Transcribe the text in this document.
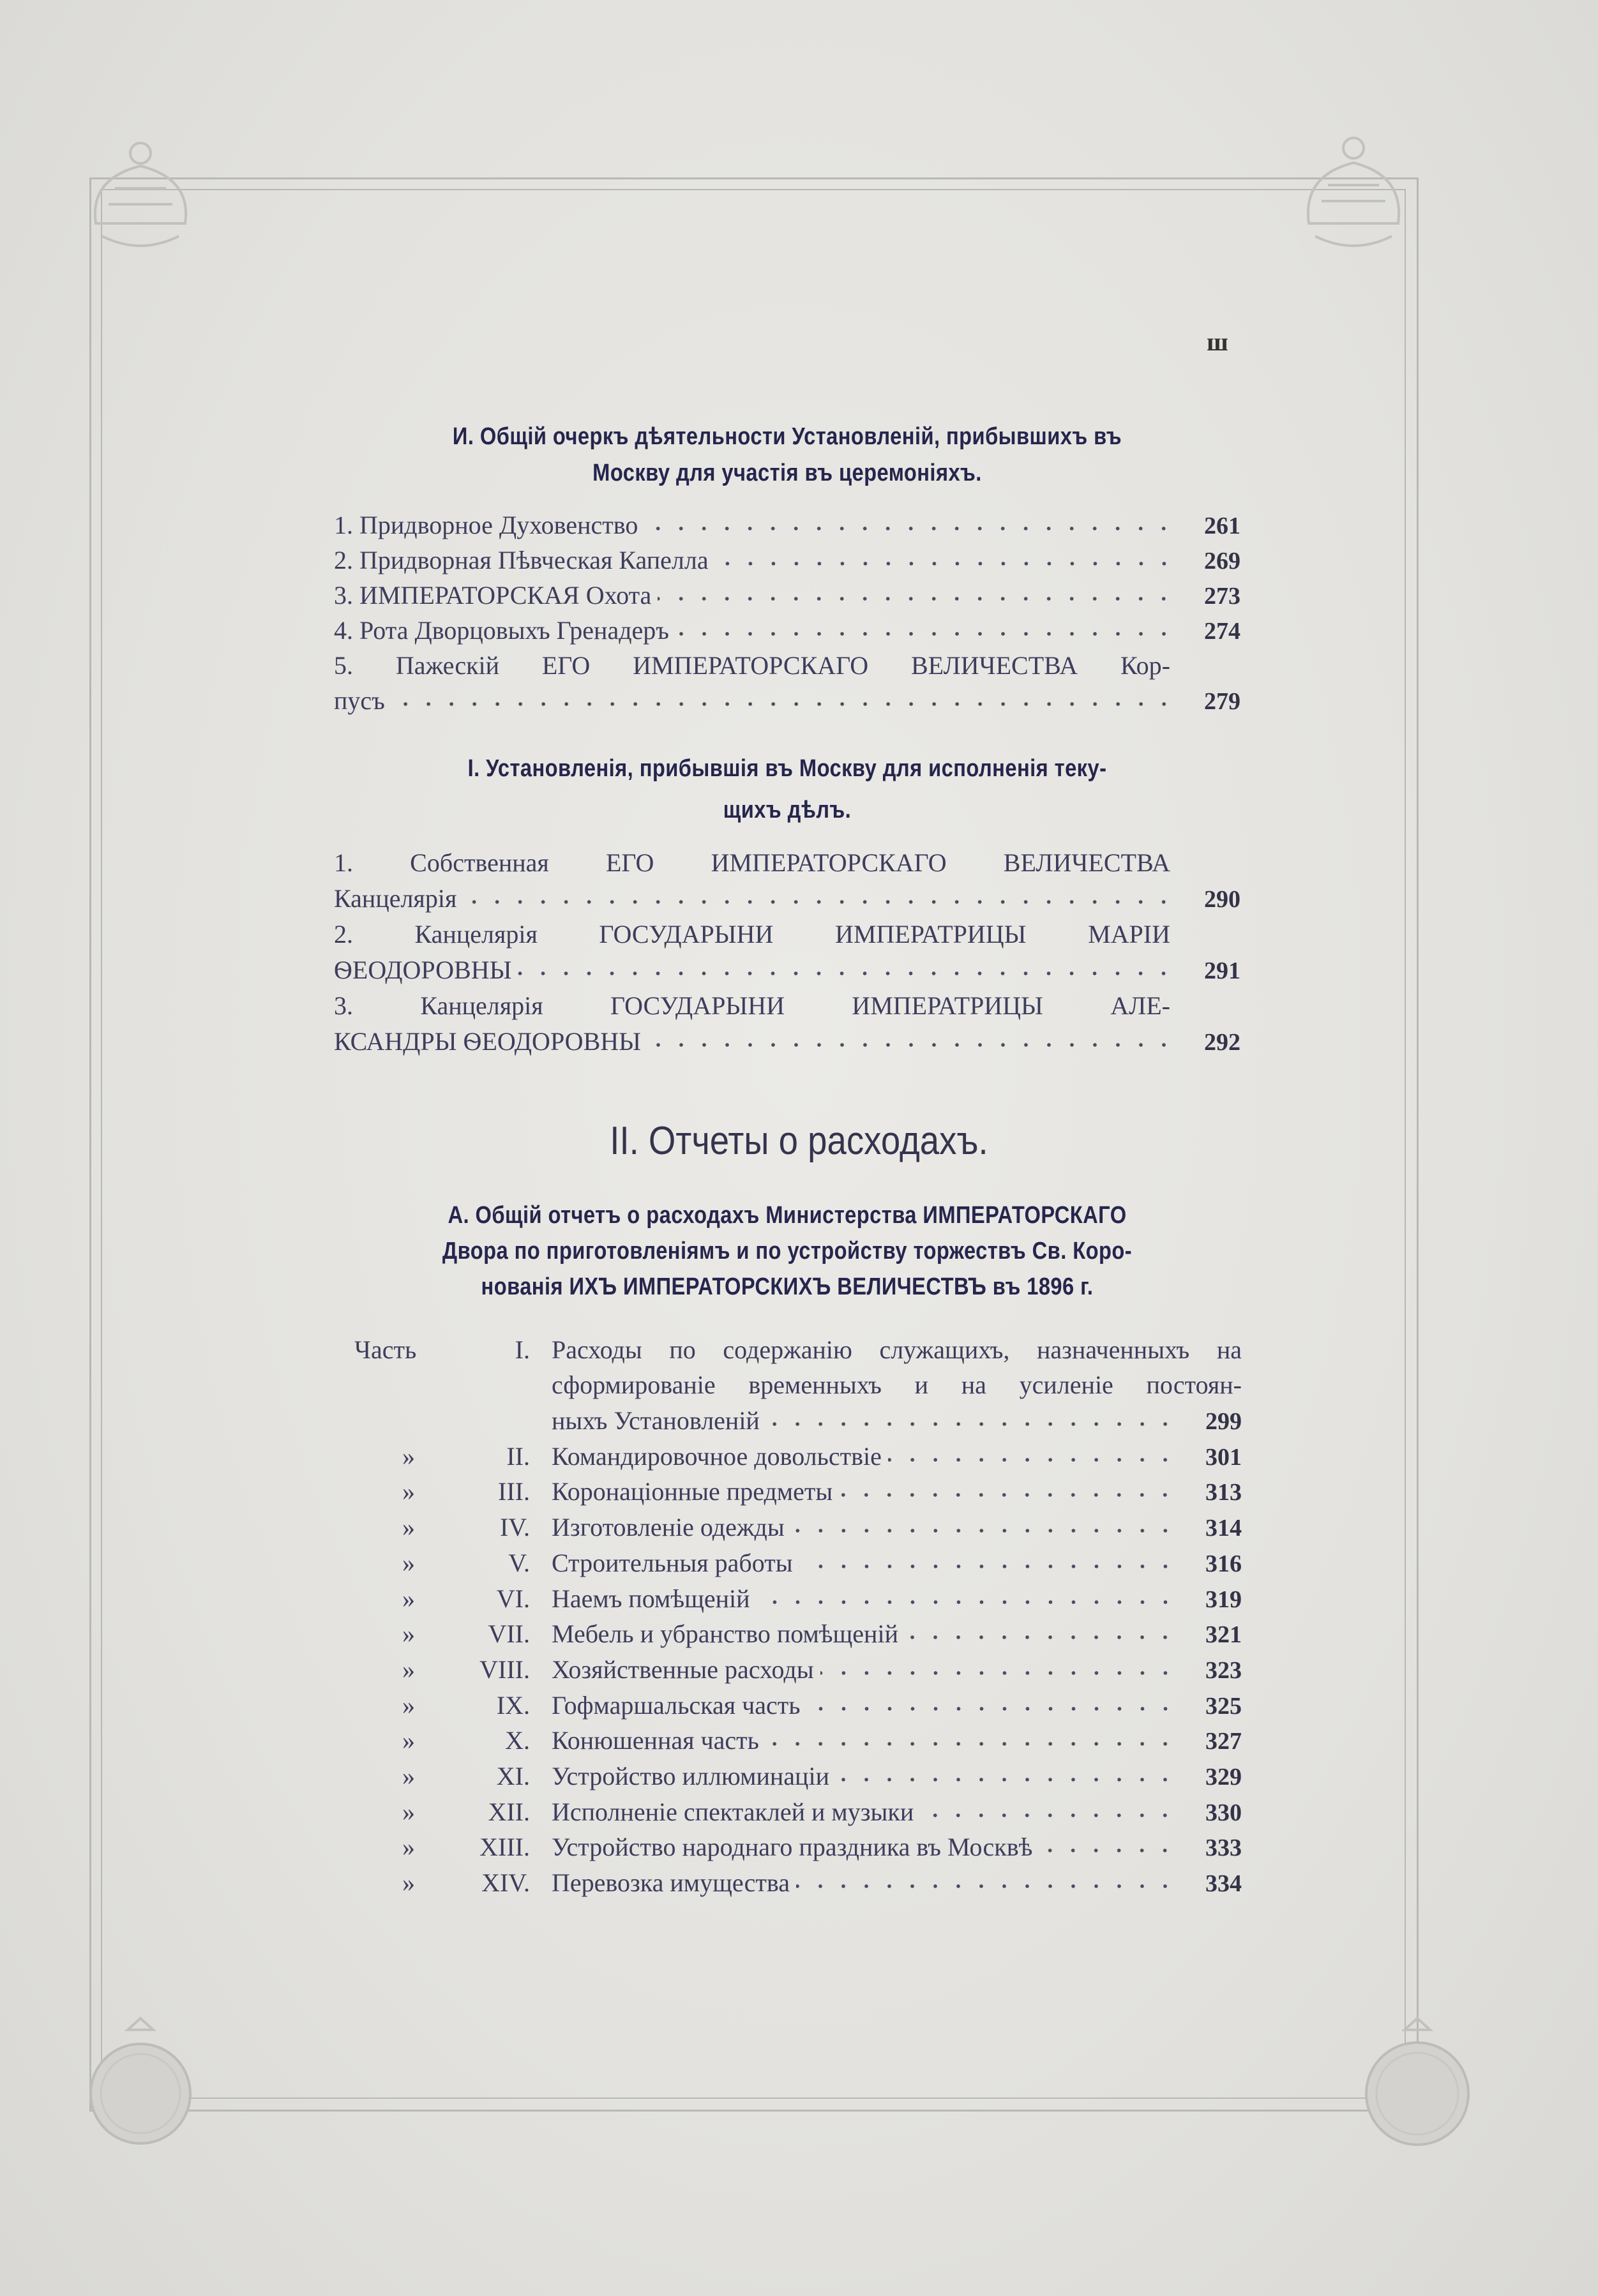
ш
И. Общій очеркъ дѣятельности Установленій, прибывшихъ въ
Москву для участія въ церемоніяхъ.
1. Придворное Духовенство	261
2. Придворная Пѣвческая Капелла	269
3. ИМПЕРАТОРСКАЯ Охота	273
4. Рота Дворцовыхъ Гренадеръ	274
5. Пажескій ЕГО ИМПЕРАТОРСКАГО ВЕЛИЧЕСТВА Кор-
пусъ	279
І. Установленія, прибывшія въ Москву для исполненія теку-
щихъ дѣлъ.
1. Собственная ЕГО ИМПЕРАТОРСКАГО ВЕЛИЧЕСТВА
Канцелярія	290
2. Канцелярія ГОСУДАРЫНИ ИМПЕРАТРИЦЫ МАРІИ
ѲЕОДОРОВНЫ	291
3. Канцелярія ГОСУДАРЫНИ ИМПЕРАТРИЦЫ АЛЕ-
КСАНДРЫ ѲЕОДОРОВНЫ	292
II. Отчеты о расходахъ.
А. Общій отчетъ о расходахъ Министерства ИМПЕРАТОРСКАГО
Двора по приготовленіямъ и по устройству торжествъ Св. Коро-
нованія ИХЪ ИМПЕРАТОРСКИХЪ ВЕЛИЧЕСТВЪ въ 1896 г.
Часть	I. Расходы по содержанію служащихъ, назначенныхъ на
сформированіе временныхъ и на усиленіе постоян-
ныхъ Установленій	299
»	II. Командировочное довольствіе	301
»	III. Коронаціонные предметы	313
»	IV. Изготовленіе одежды	314
»	V. Строительныя работы	316
»	VI. Наемъ помѣщеній	319
»	VII. Мебель и убранство помѣщеній	321
»	VIII. Хозяйственные расходы	323
»	IX. Гофмаршальская часть	325
»	X. Конюшенная часть	327
»	XI. Устройство иллюминаціи	329
»	XII. Исполненіе спектаклей и музыки	330
»	XIII. Устройство народнаго праздника въ Москвѣ	333
»	XIV. Перевозка имущества	334
